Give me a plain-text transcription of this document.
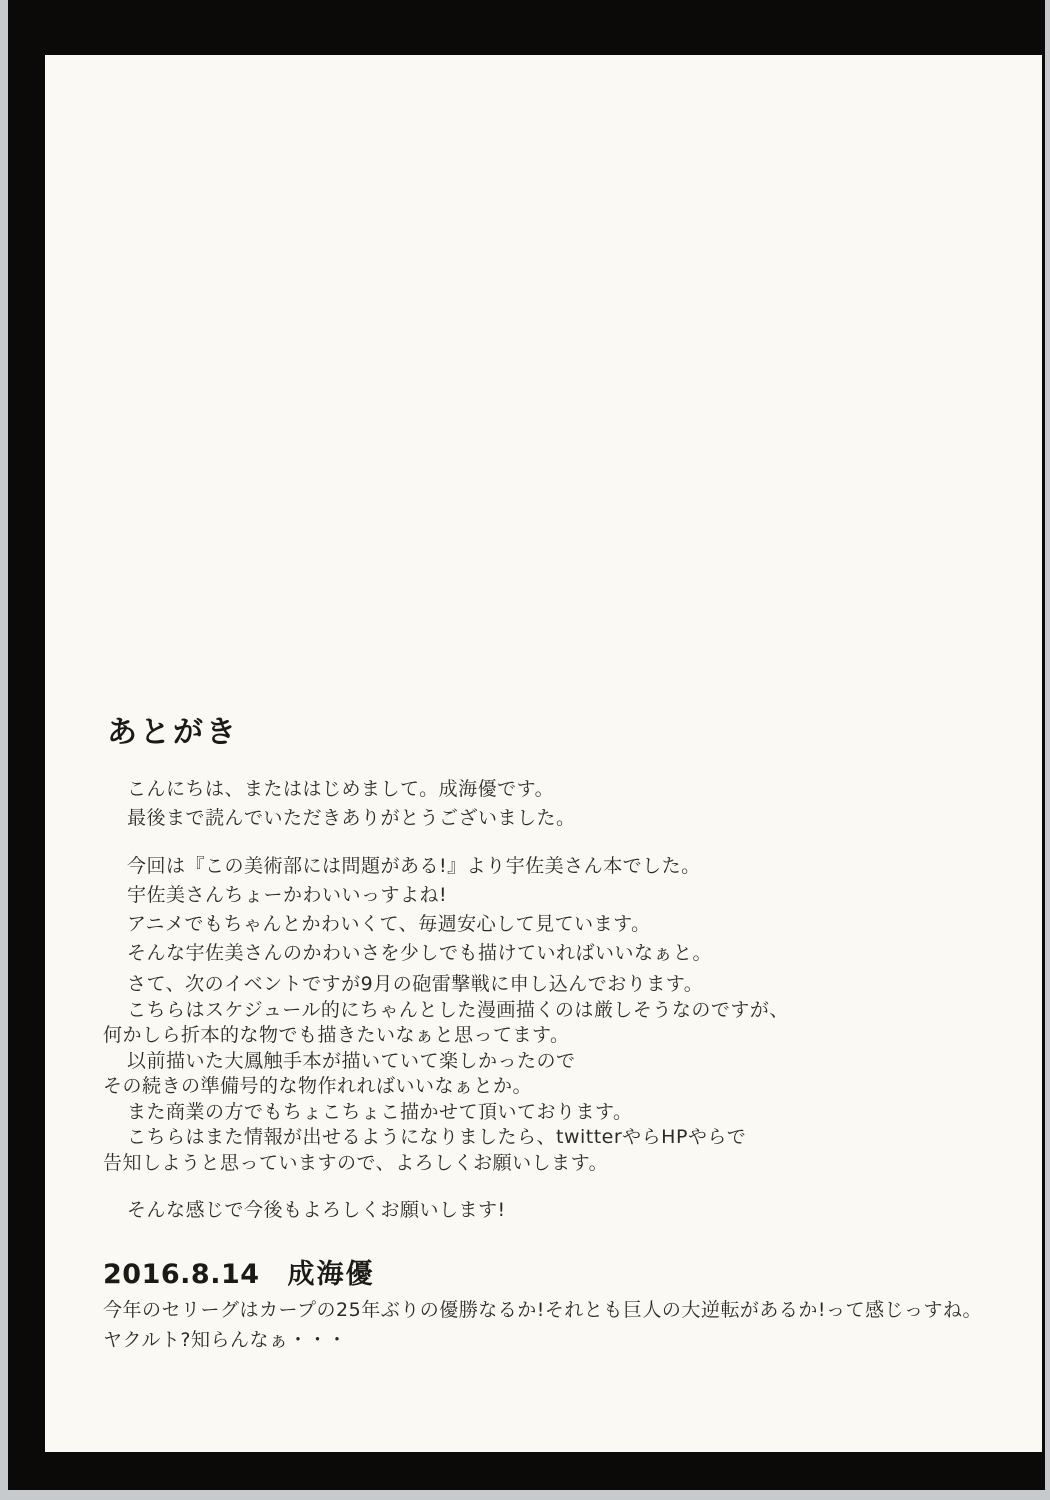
あとがき
こんにちは、またははじめまして。成海優です。
最後まで読んでいただきありがとうございました。
今回は『この美術部には問題がある!』より宇佐美さん本でした。
宇佐美さんちょーかわいいっすよね!
アニメでもちゃんとかわいくて、毎週安心して見ています。
そんな宇佐美さんのかわいさを少しでも描けていればいいなぁと。
さて、次のイベントですが9月の砲雷撃戦に申し込んでおります。
こちらはスケジュール的にちゃんとした漫画描くのは厳しそうなのですが、
何かしら折本的な物でも描きたいなぁと思ってます。
以前描いた大鳳触手本が描いていて楽しかったので
その続きの準備号的な物作れればいいなぁとか。
また商業の方でもちょこちょこ描かせて頂いております。
こちらはまた情報が出せるようになりましたら、twitterやらHPやらで
告知しようと思っていますので、よろしくお願いします。
そんな感じで今後もよろしくお願いします!
2016.8.14 成海優
今年のセリーグはカープの25年ぶりの優勝なるか!それとも巨人の大逆転があるか!って感じっすね。
ヤクルト?知らんなぁ・・・
